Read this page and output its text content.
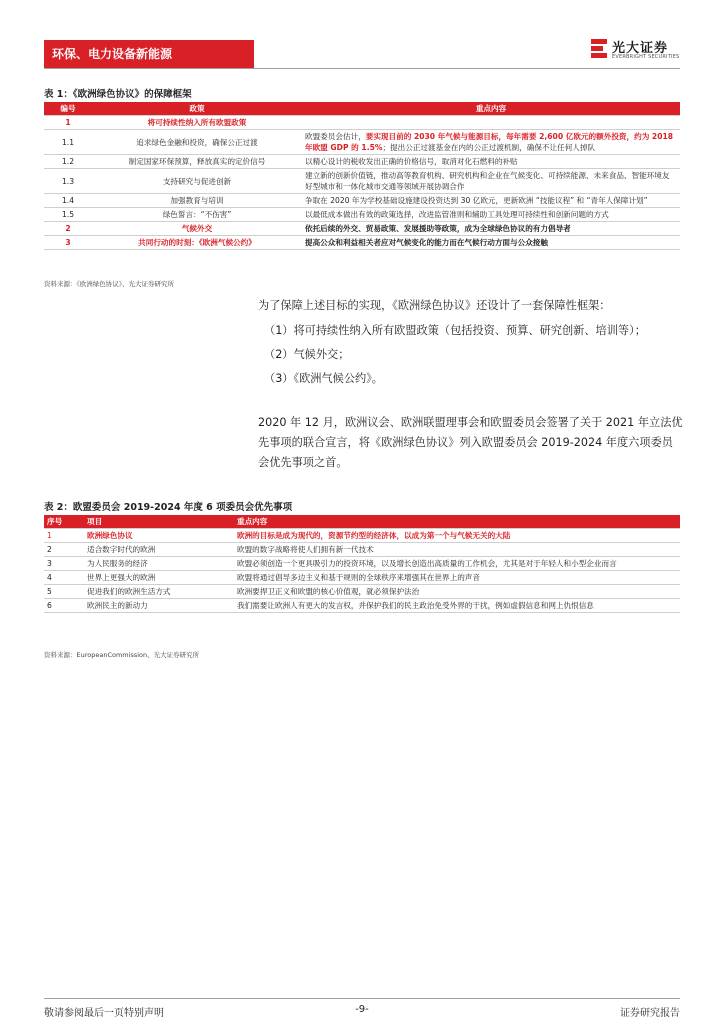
环保、电力设备新能源	光大证券
EVERBRIGHT SECURITIES
表 1：《欧洲绿色协议》的保障框架
编号	政策	重点内容
1	将可持续性纳入所有欧盟政策	
1.1	追求绿色金融和投资，确保公正过渡	欧盟委员会估计，要实现目前的 2030 年气候与能源目标，每年需要 2,600 亿欧元的额外投资，约为 2018 年欧盟 GDP 的 1.5%；提出公正过渡基金在内的公正过渡机制，确保不让任何人掉队
1.2	制定国家环保预算，释放真实的定价信号	以精心设计的税收发出正确的价格信号，取消对化石燃料的补贴
1.3	支持研究与促进创新	建立新的创新价值链，推动高等教育机构、研究机构和企业在气候变化、可持续能源、未来食品、智能环境友好型城市和一体化城市交通等领域开展协调合作
1.4	加强教育与培训	争取在 2020 年为学校基础设施建设投资达到 30 亿欧元，更新欧洲 “技能议程” 和 “青年人保障计划”
1.5	绿色誓言：“不伤害”	以最低成本做出有效的政策选择，改进监管准则和辅助工具处理可持续性和创新问题的方式
2	气候外交	依托后续的外交、贸易政策、发展援助等政策，成为全球绿色协议的有力倡导者
3	共同行动的时刻：《欧洲气候公约》	提高公众和利益相关者应对气候变化的能力而在气候行动方面与公众接触
资料来源：《欧洲绿色协议》、光大证券研究所
为了保障上述目标的实现，《欧洲绿色协议》还设计了一套保障性框架：
（1）将可持续性纳入所有欧盟政策（包括投资、预算、研究创新、培训等）；
（2）气候外交；
（3）《欧洲气候公约》。
2020 年 12 月，欧洲议会、欧洲联盟理事会和欧盟委员会签署了关于 2021 年立法优先事项的联合宣言，将《欧洲绿色协议》列入欧盟委员会 2019-2024 年度六项委员会优先事项之首。
表 2：欧盟委员会 2019-2024 年度 6 项委员会优先事项
序号	项目	重点内容
1	欧洲绿色协议	欧洲的目标是成为现代的，资源节约型的经济体，以成为第一个与气候无关的大陆
2	适合数字时代的欧洲	欧盟的数字战略将使人们拥有新一代技术
3	为人民服务的经济	欧盟必须创造一个更具吸引力的投资环境，以及增长创造出高质量的工作机会，尤其是对于年轻人和小型企业而言
4	世界上更强大的欧洲	欧盟将通过倡导多边主义和基于规则的全球秩序来增强其在世界上的声音
5	促进我们的欧洲生活方式	欧洲要捍卫正义和欧盟的核心价值观，就必须保护法治
6	欧洲民主的新动力	我们需要让欧洲人有更大的发言权，并保护我们的民主政治免受外界的干扰，例如虚假信息和网上仇恨信息
资料来源：EuropeanCommission、光大证券研究所
敬请参阅最后一页特别声明	-9-	证券研究报告
